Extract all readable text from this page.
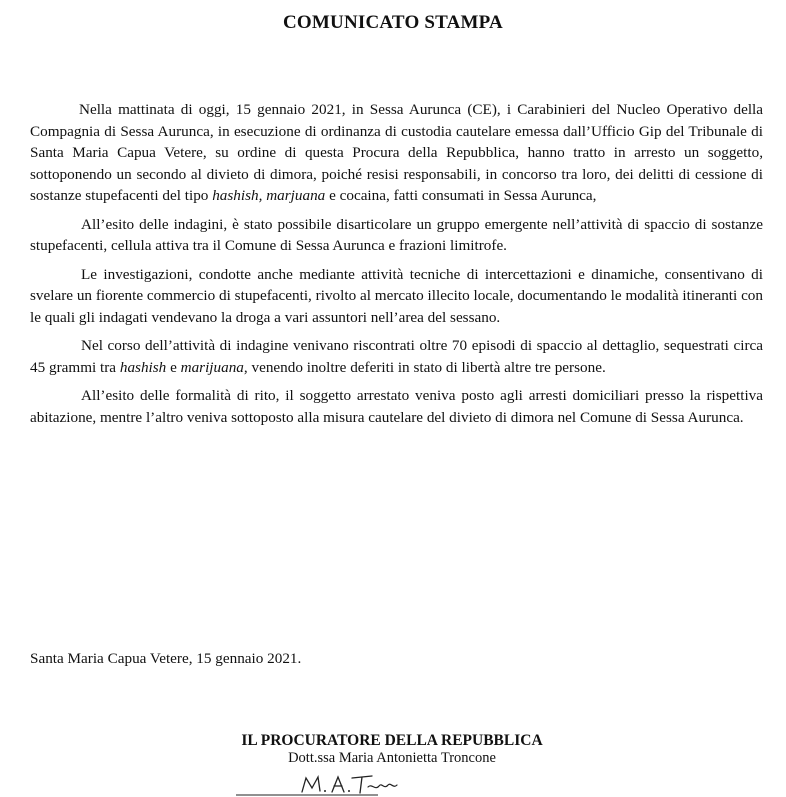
COMUNICATO STAMPA

Nella mattinata di oggi, 15 gennaio 2021, in Sessa Aurunca (CE), i Carabinieri del Nucleo Operativo della Compagnia di Sessa Aurunca, in esecuzione di ordinanza di custodia cautelare emessa dall’Ufficio Gip del Tribunale di Santa Maria Capua Vetere, su ordine di questa Procura della Repubblica, hanno tratto in arresto un soggetto, sottoponendo un secondo al divieto di dimora, poiché resisi responsabili, in concorso tra loro, dei delitti di cessione di sostanze stupefacenti del tipo hashish, marjuana e cocaina, fatti consumati in Sessa Aurunca,

All’esito delle indagini, è stato possibile disarticolare un gruppo emergente nell’attività di spaccio di sostanze stupefacenti, cellula attiva tra il Comune di Sessa Aurunca e frazioni limitrofe.

Le investigazioni, condotte anche mediante attività tecniche di intercettazioni e dinamiche, consentivano di svelare un fiorente commercio di stupefacenti, rivolto al mercato illecito locale, documentando le modalità itineranti con le quali gli indagati vendevano la droga a vari assuntori nell’area del sessano.

Nel corso dell’attività di indagine venivano riscontrati oltre 70 episodi di spaccio al dettaglio, sequestrati circa 45 grammi tra hashish e marijuana, venendo inoltre deferiti in stato di libertà altre tre persone.

All’esito delle formalità di rito, il soggetto arrestato veniva posto agli arresti domiciliari presso la rispettiva abitazione, mentre l’altro veniva sottoposto alla misura cautelare del divieto di dimora nel Comune di Sessa Aurunca.

Santa Maria Capua Vetere, 15 gennaio 2021.
IL PROCURATORE DELLA REPUBBLICA
Dott.ssa Maria Antonietta Troncone
